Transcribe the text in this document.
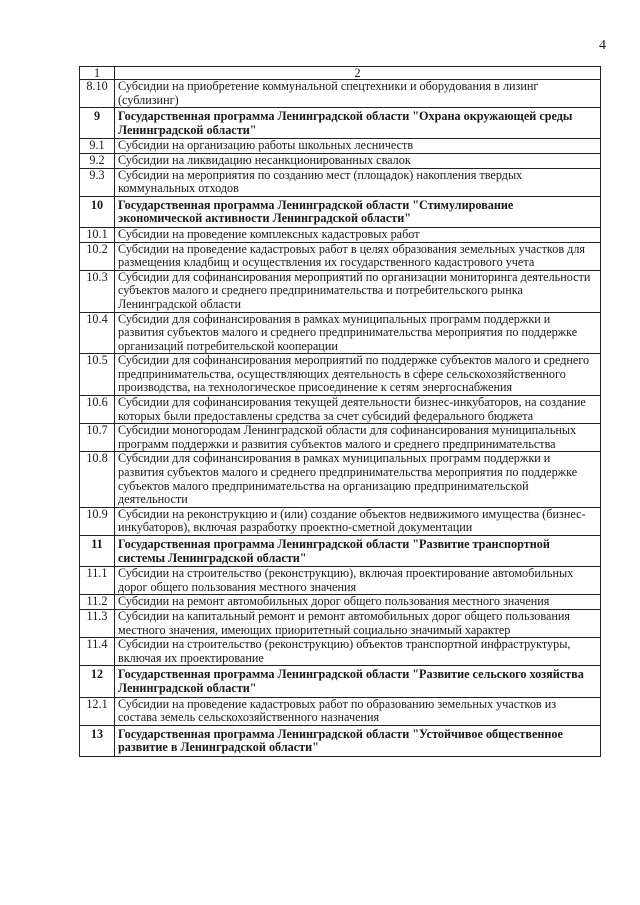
4
1	2
8.10	Субсидии на приобретение коммунальной спецтехники и оборудования в лизинг (сублизинг)
9	Государственная программа Ленинградской области "Охрана окружающей среды Ленинградской области"
9.1	Субсидии на организацию работы школьных лесничеств
9.2	Субсидии на ликвидацию несанкционированных свалок
9.3	Субсидии на мероприятия по созданию мест (площадок) накопления твердых коммунальных отходов
10	Государственная программа Ленинградской области "Стимулирование экономической активности Ленинградской области"
10.1	Субсидии на проведение комплексных кадастровых работ
10.2	Субсидии на проведение кадастровых работ в целях образования земельных участков для размещения кладбищ и осуществления их государственного кадастрового учета
10.3	Субсидии для софинансирования мероприятий по организации мониторинга деятельности субъектов малого и среднего предпринимательства и потребительского рынка Ленинградской области
10.4	Субсидии для софинансирования в рамках муниципальных программ поддержки и развития субъектов малого и среднего предпринимательства мероприятия по поддержке организаций потребительской кооперации
10.5	Субсидии для софинансирования мероприятий по поддержке субъектов малого и среднего предпринимательства, осуществляющих деятельность в сфере сельскохозяйственного производства, на технологическое присоединение к сетям энергоснабжения
10.6	Субсидии для софинансирования текущей деятельности бизнес-инкубаторов, на создание которых были предоставлены средства за счет субсидий федерального бюджета
10.7	Субсидии моногородам Ленинградской области для софинансирования муниципальных программ поддержки и развития субъектов малого и среднего предпринимательства
10.8	Субсидии для софинансирования в рамках муниципальных программ поддержки и развития субъектов малого и среднего предпринимательства мероприятия по поддержке субъектов малого предпринимательства на организацию предпринимательской деятельности
10.9	Субсидии на реконструкцию и (или) создание объектов недвижимого имущества (бизнес-инкубаторов), включая разработку проектно-сметной документации
11	Государственная программа Ленинградской области "Развитие транспортной системы Ленинградской области"
11.1	Субсидии на строительство (реконструкцию), включая проектирование автомобильных дорог общего пользования местного значения
11.2	Субсидии на ремонт автомобильных дорог общего пользования местного значения
11.3	Субсидии на капитальный ремонт и ремонт автомобильных дорог общего пользования местного значения, имеющих приоритетный социально значимый характер
11.4	Субсидии на строительство (реконструкцию) объектов транспортной инфраструктуры, включая их проектирование
12	Государственная программа Ленинградской области "Развитие сельского хозяйства Ленинградской области"
12.1	Субсидии на проведение кадастровых работ по образованию земельных участков из состава земель сельскохозяйственного назначения
13	Государственная программа Ленинградской области "Устойчивое общественное развитие в Ленинградской области"
